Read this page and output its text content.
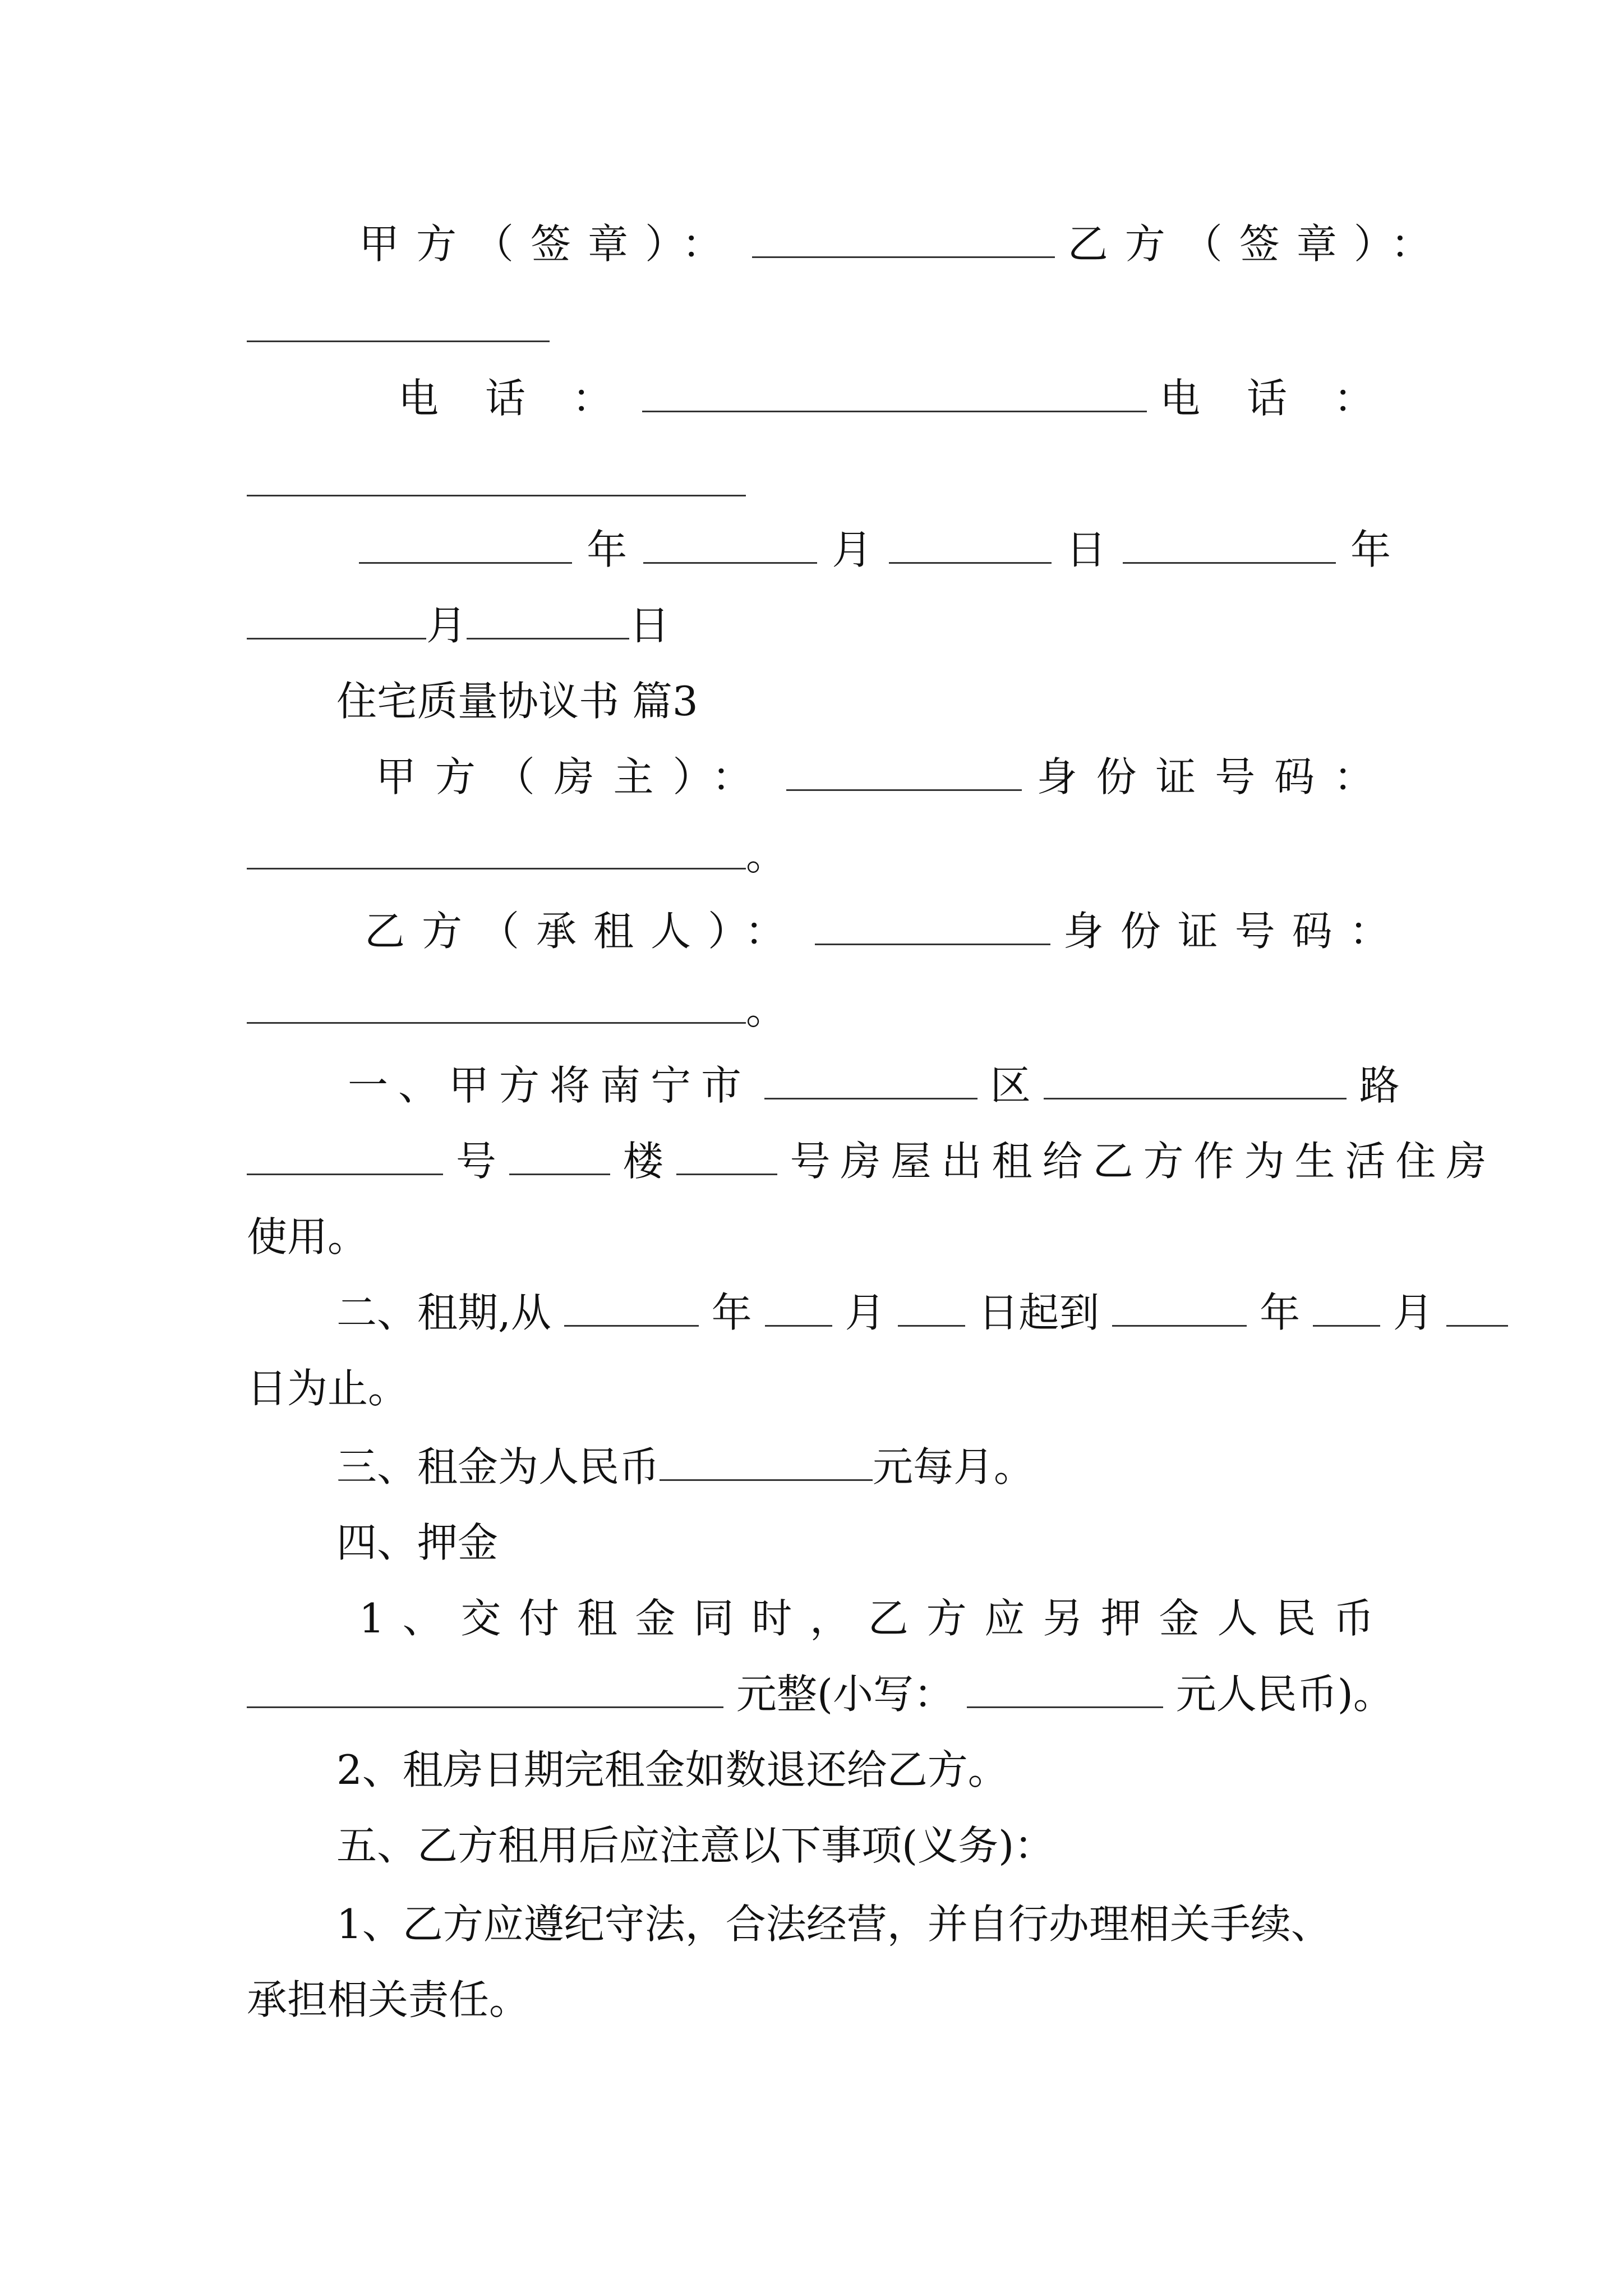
甲方（签章）：	乙方（签章）：
电 话 ：	电 话 ：
年	月	日	年
月	日
住宅质量协议书 篇3
甲方（房主）：	身份证号码：
。
乙方（承租人）：	身份证号码：
。
一、甲方将南宁市	区	路
号	楼	号房屋出租给乙方作为生活住房
使用。
二、租期,从	年 月 日起到	年 月
日为止。
三、租金为人民币	元每月。
四、押金
1、交付租金同时，乙方应另押金人民币
元整(小写：	元人民币)。
2、租房日期完租金如数退还给乙方。
五、乙方租用后应注意以下事项(义务)：
1、乙方应遵纪守法，合法经营，并自行办理相关手续、
承担相关责任。
